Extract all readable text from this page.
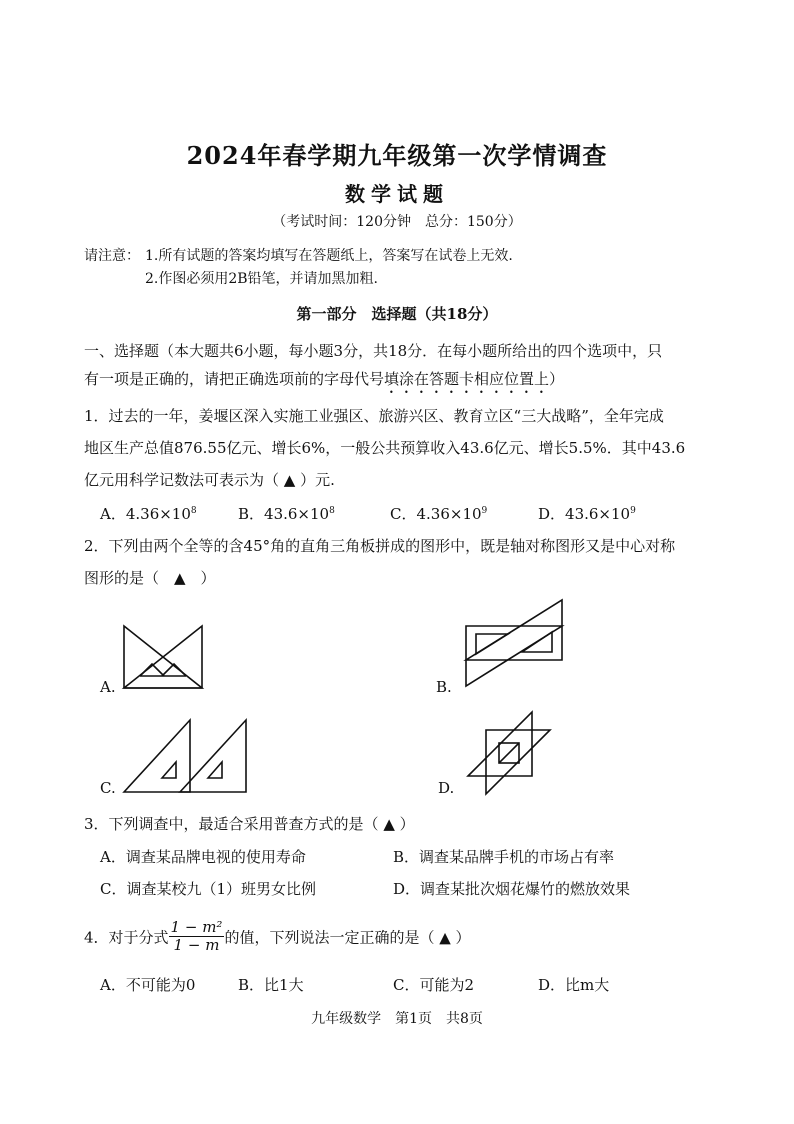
2024年春学期九年级第一次学情调查
数学试题
（考试时间：120分钟　总分：150分）
请注意： 1.所有试题的答案均填写在答题纸上，答案写在试卷上无效.
2.作图必须用2B铅笔，并请加黑加粗.
第一部分　选择题（共18分）
一、选择题（本大题共6小题，每小题3分，共18分．在每小题所给出的四个选项中，只
有一项是正确的，请把正确选项前的字母代号填涂在答题卡相应位置上）
1．过去的一年，姜堰区深入实施工业强区、旅游兴区、教育立区“三大战略”，全年完成
地区生产总值876.55亿元、增长6%，一般公共预算收入43.6亿元、增长5.5%．其中43.6
亿元用科学记数法可表示为（ ▲ ）元.
A．$4.36\times 10^8$	B．$43.6\times 10^8$	C．$4.36\times 10^9$	D．$43.6\times 10^9$
2．下列由两个全等的含45°角的直角三角板拼成的图形中，既是轴对称图形又是中心对称
图形的是（　▲　）
A.	B.
C.	D.
3．下列调查中，最适合采用普查方式的是（ ▲ ）
A．调查某品牌电视的使用寿命	B．调查某品牌手机的市场占有率
C．调查某校九（1）班男女比例	D．调查某批次烟花爆竹的燃放效果
4．对于分式 $\frac{\text{1 − m²}}{1 - m}$ 的值，下列说法一定正确的是（ ▲ ）
A．不可能为0	B．比1大	C．可能为2	D．比m大
九年级数学　第1页　共8页
